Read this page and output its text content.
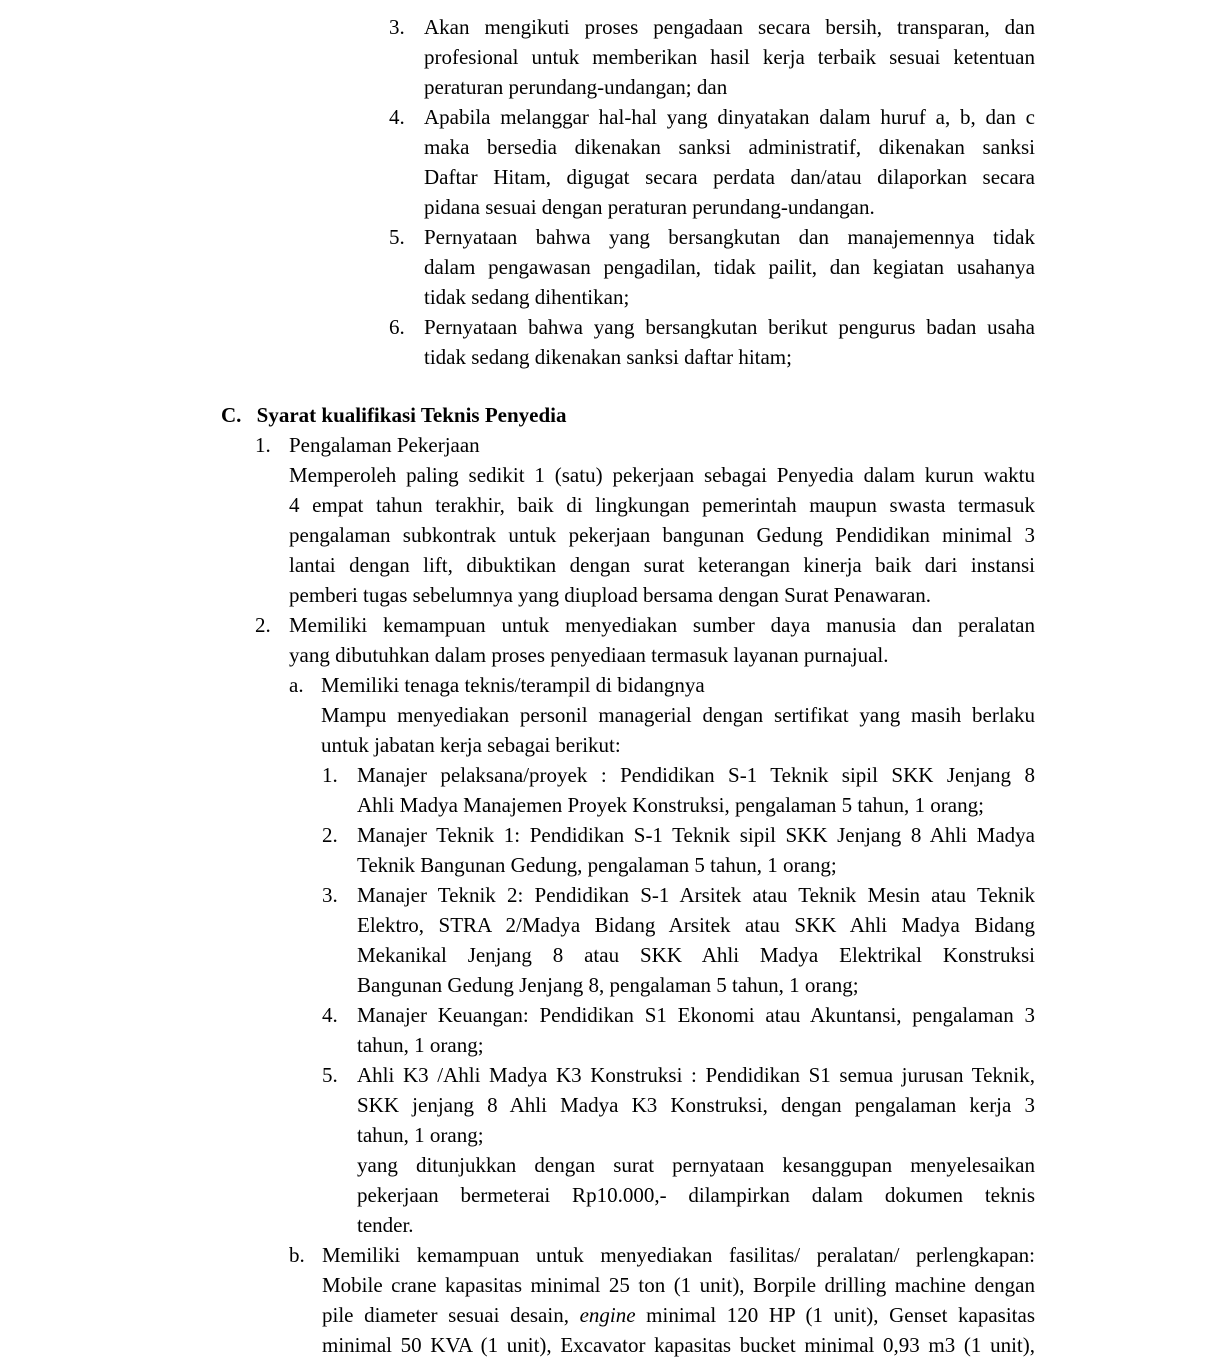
3. Akan mengikuti proses pengadaan secara bersih, transparan, dan
profesional untuk memberikan hasil kerja terbaik sesuai ketentuan
peraturan perundang-undangan; dan
4. Apabila melanggar hal-hal yang dinyatakan dalam huruf a, b, dan c
maka bersedia dikenakan sanksi administratif, dikenakan sanksi
Daftar Hitam, digugat secara perdata dan/atau dilaporkan secara
pidana sesuai dengan peraturan perundang-undangan.
5. Pernyataan bahwa yang bersangkutan dan manajemennya tidak
dalam pengawasan pengadilan, tidak pailit, dan kegiatan usahanya
tidak sedang dihentikan;
6. Pernyataan bahwa yang bersangkutan berikut pengurus badan usaha
tidak sedang dikenakan sanksi daftar hitam;
C. Syarat kualifikasi Teknis Penyedia
1. Pengalaman Pekerjaan
Memperoleh paling sedikit 1 (satu) pekerjaan sebagai Penyedia dalam kurun waktu
4 empat tahun terakhir, baik di lingkungan pemerintah maupun swasta termasuk
pengalaman subkontrak untuk pekerjaan bangunan Gedung Pendidikan minimal 3
lantai dengan lift, dibuktikan dengan surat keterangan kinerja baik dari instansi
pemberi tugas sebelumnya yang diupload bersama dengan Surat Penawaran.
2. Memiliki kemampuan untuk menyediakan sumber daya manusia dan peralatan
yang dibutuhkan dalam proses penyediaan termasuk layanan purnajual.
a. Memiliki tenaga teknis/terampil di bidangnya
Mampu menyediakan personil managerial dengan sertifikat yang masih berlaku
untuk jabatan kerja sebagai berikut:
1. Manajer pelaksana/proyek : Pendidikan S-1 Teknik sipil SKK Jenjang 8
Ahli Madya Manajemen Proyek Konstruksi, pengalaman 5 tahun, 1 orang;
2. Manajer Teknik 1: Pendidikan S-1 Teknik sipil SKK Jenjang 8 Ahli Madya
Teknik Bangunan Gedung, pengalaman 5 tahun, 1 orang;
3. Manajer Teknik 2: Pendidikan S-1 Arsitek atau Teknik Mesin atau Teknik
Elektro, STRA 2/Madya Bidang Arsitek atau SKK Ahli Madya Bidang
Mekanikal Jenjang 8 atau SKK Ahli Madya Elektrikal Konstruksi
Bangunan Gedung Jenjang 8, pengalaman 5 tahun, 1 orang;
4. Manajer Keuangan: Pendidikan S1 Ekonomi atau Akuntansi, pengalaman 3
tahun, 1 orang;
5. Ahli K3 /Ahli Madya K3 Konstruksi : Pendidikan S1 semua jurusan Teknik,
SKK jenjang 8 Ahli Madya K3 Konstruksi, dengan pengalaman kerja 3
tahun, 1 orang;
yang ditunjukkan dengan surat pernyataan kesanggupan menyelesaikan
pekerjaan bermeterai Rp10.000,- dilampirkan dalam dokumen teknis
tender.
b. Memiliki kemampuan untuk menyediakan fasilitas/ peralatan/ perlengkapan:
Mobile crane kapasitas minimal 25 ton (1 unit), Borpile drilling machine dengan
pile diameter sesuai desain, engine minimal 120 HP (1 unit), Genset kapasitas
minimal 50 KVA (1 unit), Excavator kapasitas bucket minimal 0,93 m3 (1 unit),
